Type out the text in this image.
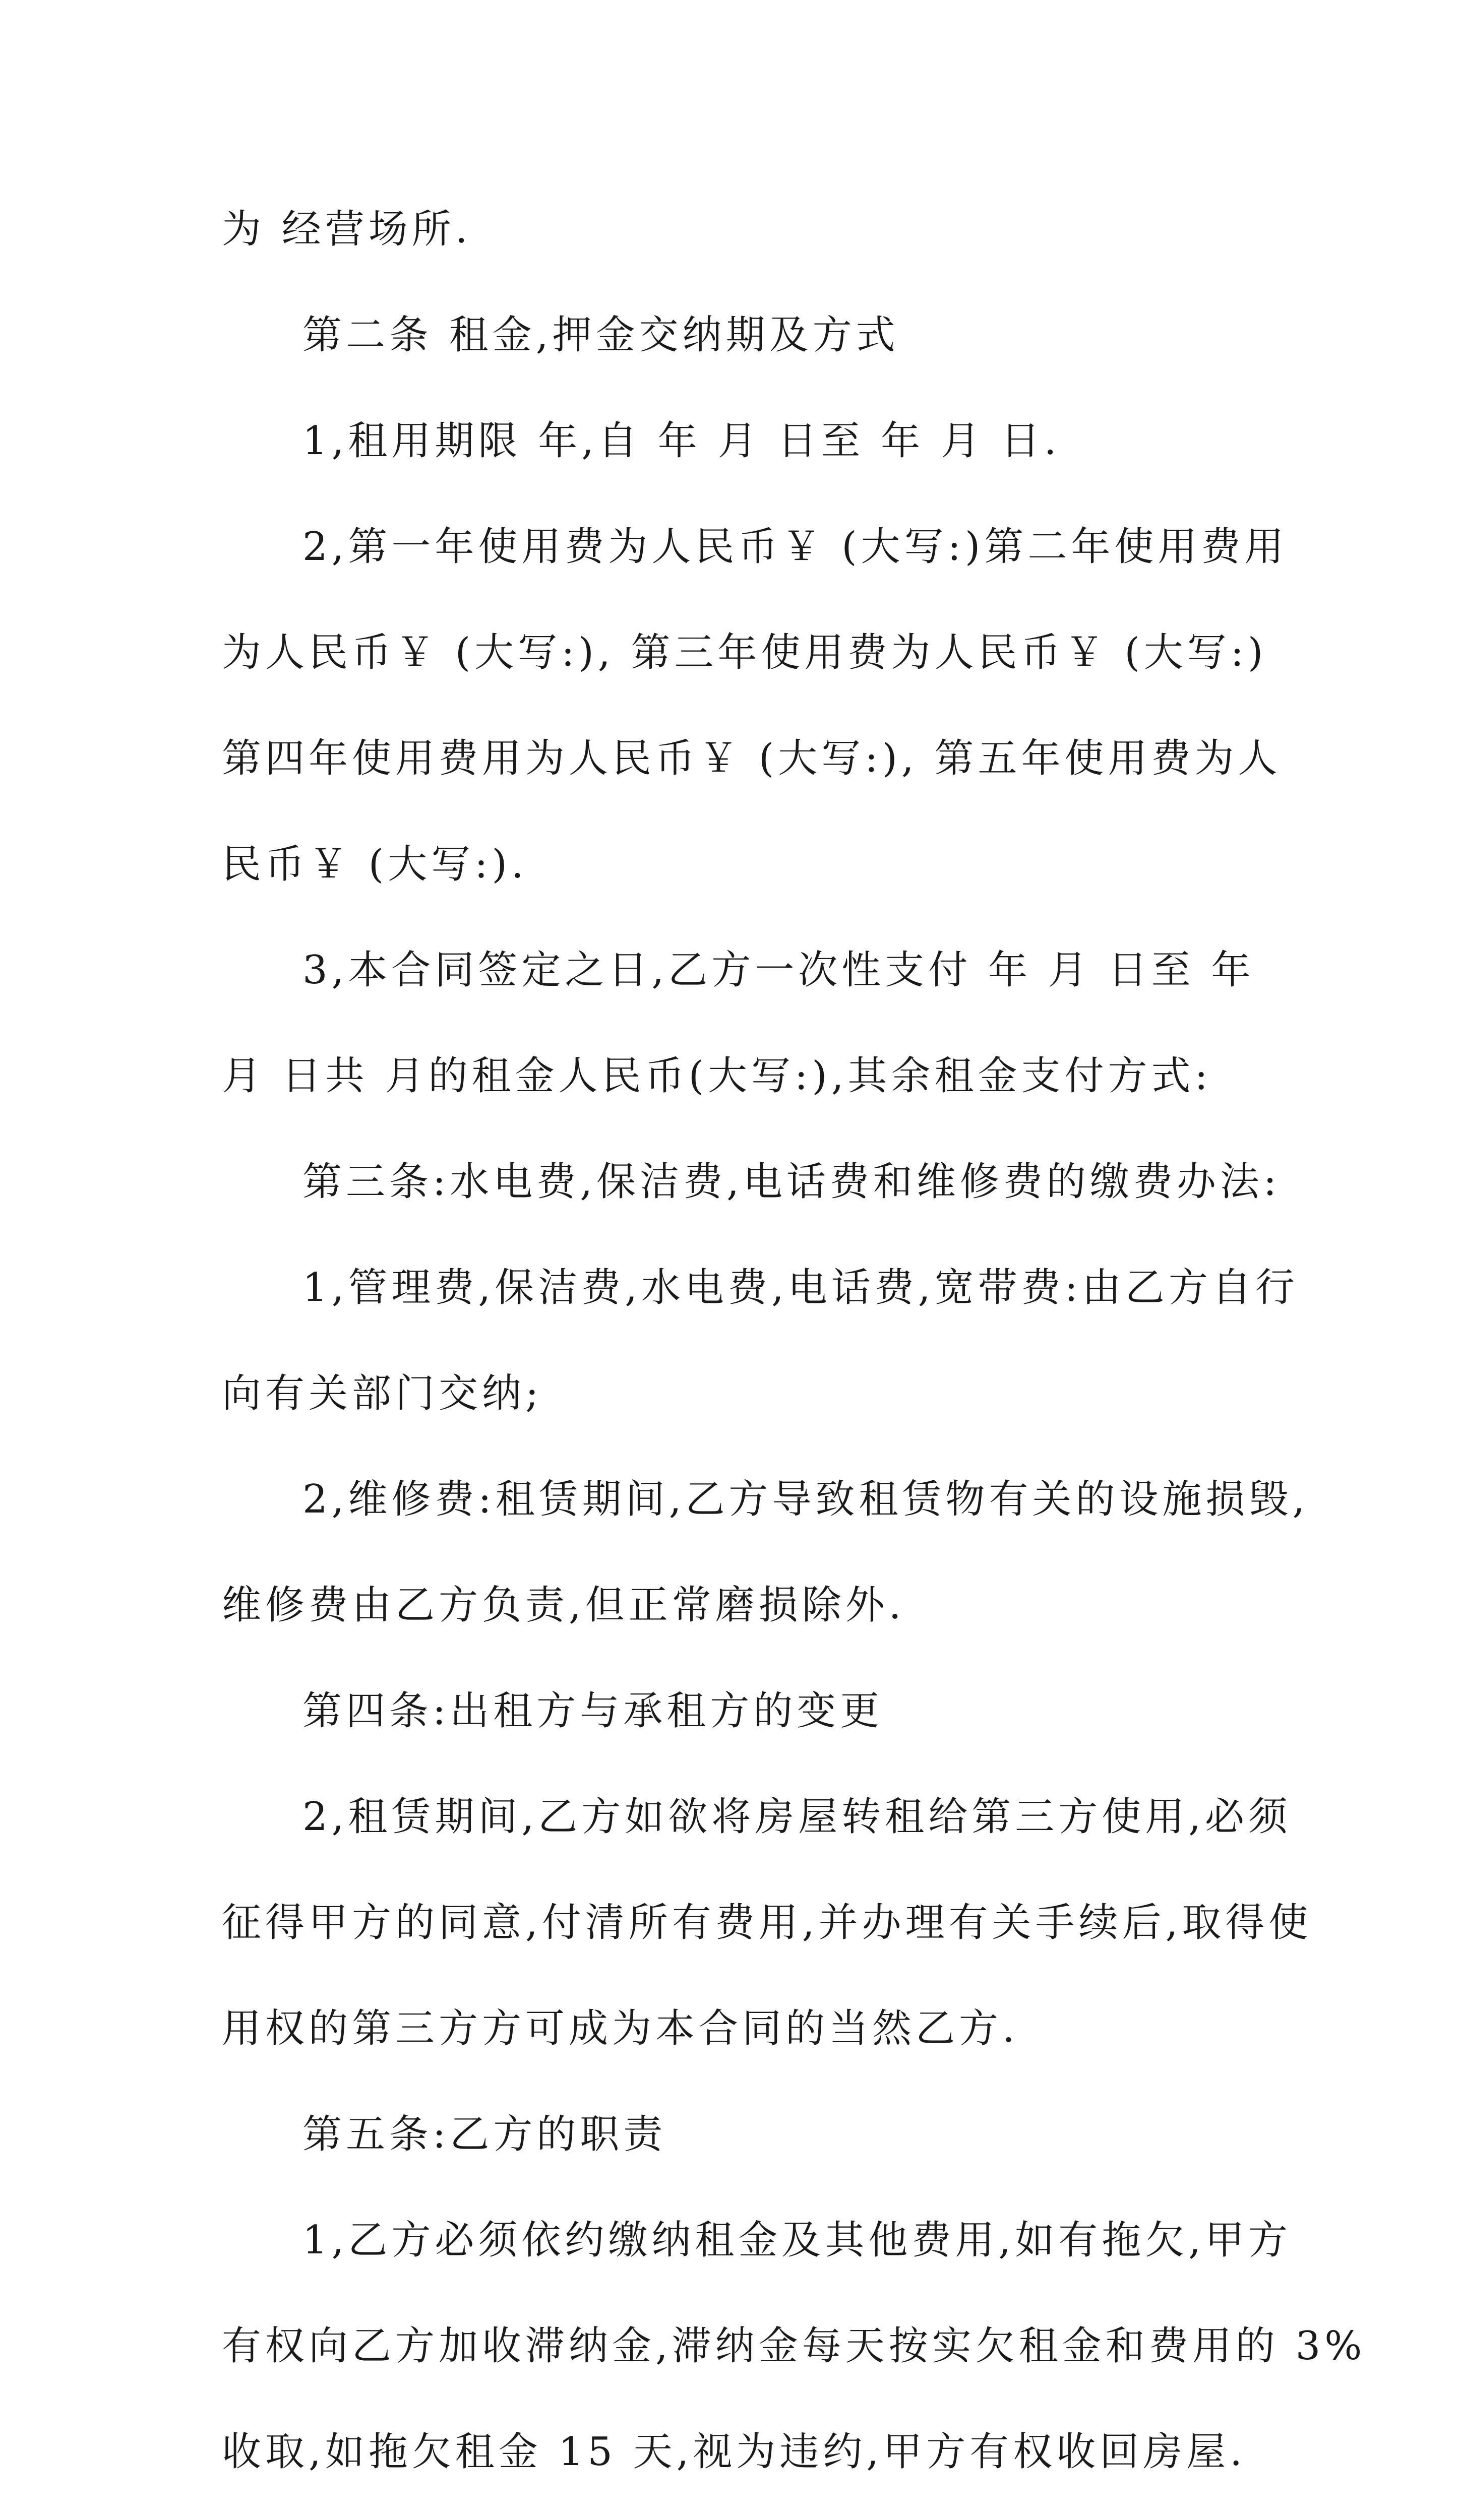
为 经营场所.
第二条 租金,押金交纳期及方式
1,租用期限 年,自 年 月 日至 年 月 日.
2,第一年使用费为人民币￥ (大写:)第二年使用费用
为人民币￥ (大写:), 第三年使用费为人民币￥ (大写:)
第四年使用费用为人民币￥ (大写:), 第五年使用费为人
民币￥ (大写:).
3,本合同签定之日,乙方一次性支付 年 月 日至 年
月 日共 月的租金人民币(大写:),其余租金支付方式:
第三条:水电费,保洁费,电话费和维修费的缴费办法:
1,管理费,保洁费,水电费,电话费,宽带费:由乙方自行
向有关部门交纳;
2,维修费:租赁期间,乙方导致租赁物有关的设施损毁,
维修费由乙方负责,但正常磨损除外.
第四条:出租方与承租方的变更
2,租赁期间,乙方如欲将房屋转租给第三方使用,必须
征得甲方的同意,付清所有费用,并办理有关手续后,取得使
用权的第三方方可成为本合同的当然乙方.
第五条:乙方的职责
1,乙方必须依约缴纳租金及其他费用,如有拖欠,甲方
有权向乙方加收滞纳金,滞纳金每天按实欠租金和费用的 3%
收取,如拖欠租金 15 天,视为违约,甲方有权收回房屋.
